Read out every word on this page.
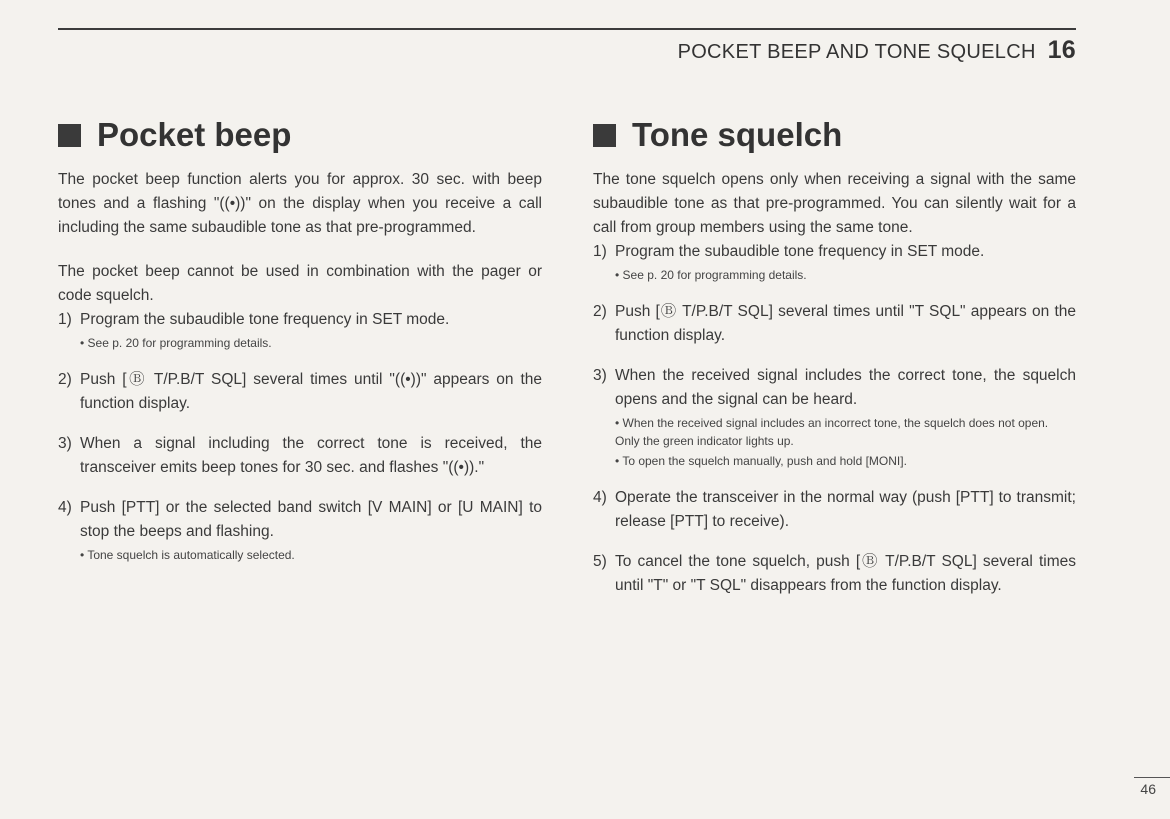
POCKET BEEP AND TONE SQUELCH 16
Pocket beep

The pocket beep function alerts you for approx. 30 sec. with beep tones and a flashing "((•))" on the display when you receive a call including the same subaudible tone as that pre-programmed.

The pocket beep cannot be used in combination with the pager or code squelch.

1) Program the subaudible tone frequency in SET mode.
• See p. 20 for programming details.
2) Push [Ⓑ T/P.B/T SQL] several times until "((•))" appears on the function display.
3) When a signal including the correct tone is received, the transceiver emits beep tones for 30 sec. and flashes "((•))."
4) Push [PTT] or the selected band switch [V MAIN] or [U MAIN] to stop the beeps and flashing.
• Tone squelch is automatically selected.
Tone squelch

The tone squelch opens only when receiving a signal with the same subaudible tone as that pre-programmed. You can silently wait for a call from group members using the same tone.

1) Program the subaudible tone frequency in SET mode.
• See p. 20 for programming details.
2) Push [Ⓑ T/P.B/T SQL] several times until "T SQL" appears on the function display.
3) When the received signal includes the correct tone, the squelch opens and the signal can be heard.
• When the received signal includes an incorrect tone, the squelch does not open. Only the green indicator lights up.
• To open the squelch manually, push and hold [MONI].
4) Operate the transceiver in the normal way (push [PTT] to transmit; release [PTT] to receive).
5) To cancel the tone squelch, push [Ⓑ T/P.B/T SQL] several times until "T" or "T SQL" disappears from the function display.
46
